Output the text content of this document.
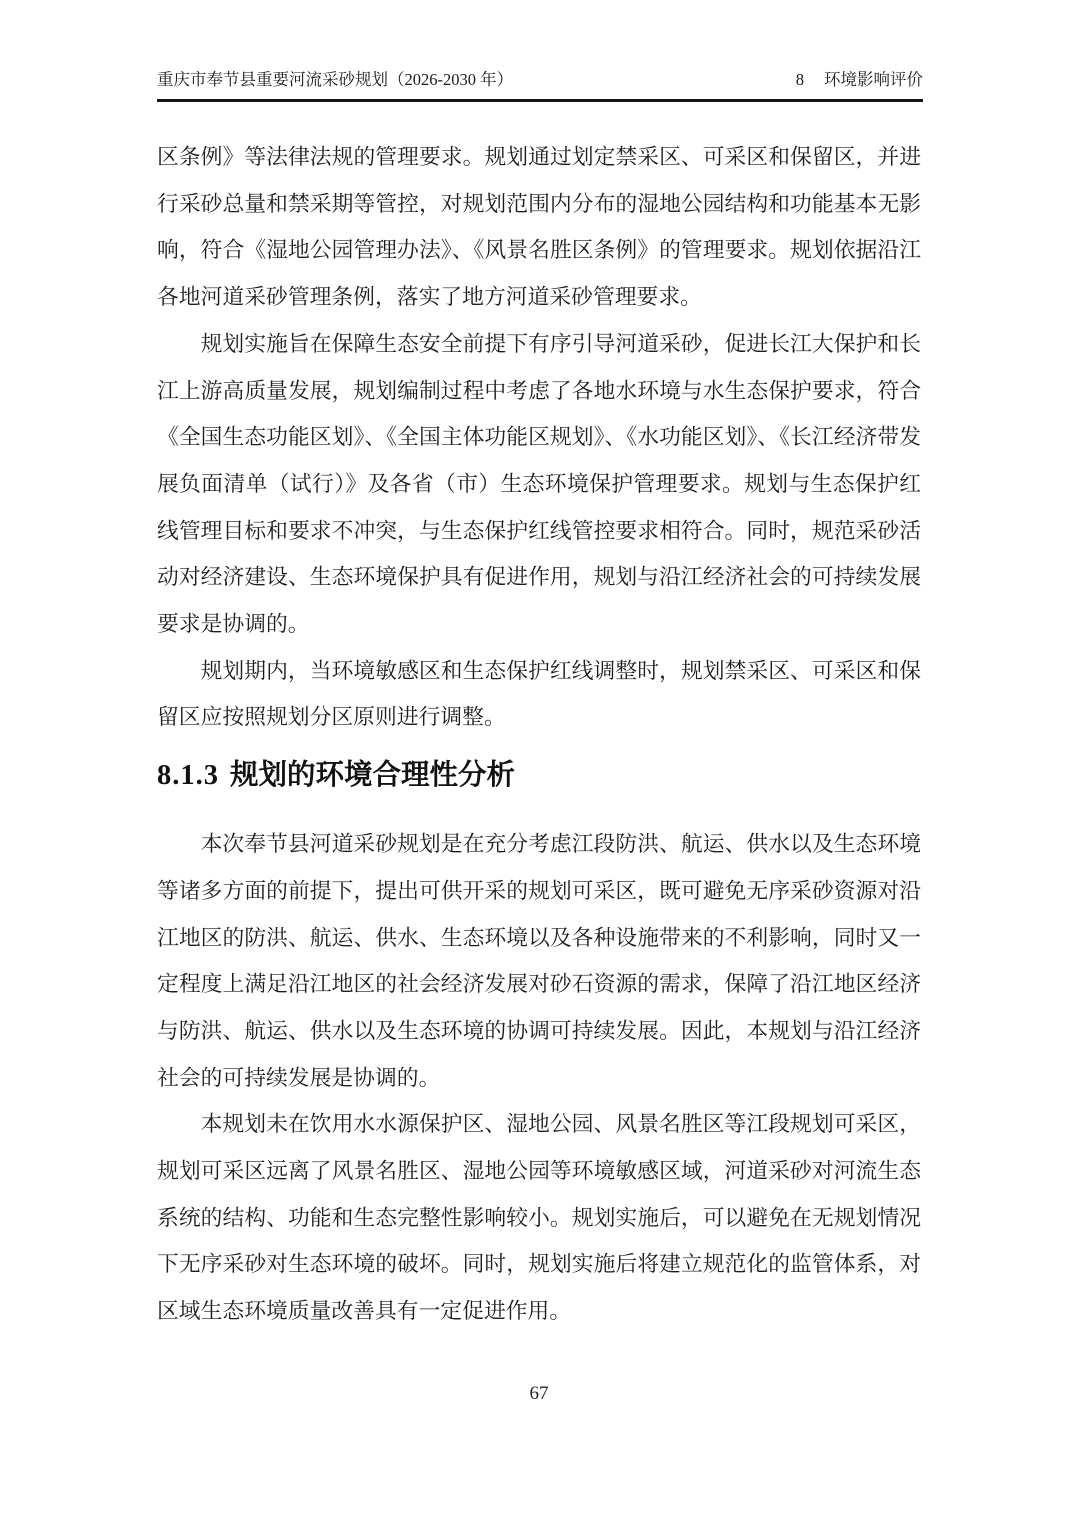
重庆市奉节县重要河流采砂规划（2026-2030 年）	8 环境影响评价

区条例》等法律法规的管理要求。规划通过划定禁采区、可采区和保留区，并进行采砂总量和禁采期等管控，对规划范围内分布的湿地公园结构和功能基本无影响，符合《湿地公园管理办法》、《风景名胜区条例》的管理要求。规划依据沿江各地河道采砂管理条例，落实了地方河道采砂管理要求。

规划实施旨在保障生态安全前提下有序引导河道采砂，促进长江大保护和长江上游高质量发展，规划编制过程中考虑了各地水环境与水生态保护要求，符合《全国生态功能区划》、《全国主体功能区规划》、《水功能区划》、《长江经济带发展负面清单（试行）》及各省（市）生态环境保护管理要求。规划与生态保护红线管理目标和要求不冲突，与生态保护红线管控要求相符合。同时，规范采砂活动对经济建设、生态环境保护具有促进作用，规划与沿江经济社会的可持续发展要求是协调的。

规划期内，当环境敏感区和生态保护红线调整时，规划禁采区、可采区和保留区应按照规划分区原则进行调整。

8.1.3 规划的环境合理性分析

本次奉节县河道采砂规划是在充分考虑江段防洪、航运、供水以及生态环境等诸多方面的前提下，提出可供开采的规划可采区，既可避免无序采砂资源对沿江地区的防洪、航运、供水、生态环境以及各种设施带来的不利影响，同时又一定程度上满足沿江地区的社会经济发展对砂石资源的需求，保障了沿江地区经济与防洪、航运、供水以及生态环境的协调可持续发展。因此，本规划与沿江经济社会的可持续发展是协调的。

本规划未在饮用水水源保护区、湿地公园、风景名胜区等江段规划可采区，规划可采区远离了风景名胜区、湿地公园等环境敏感区域，河道采砂对河流生态系统的结构、功能和生态完整性影响较小。规划实施后，可以避免在无规划情况下无序采砂对生态环境的破坏。同时，规划实施后将建立规范化的监管体系，对区域生态环境质量改善具有一定促进作用。

67
